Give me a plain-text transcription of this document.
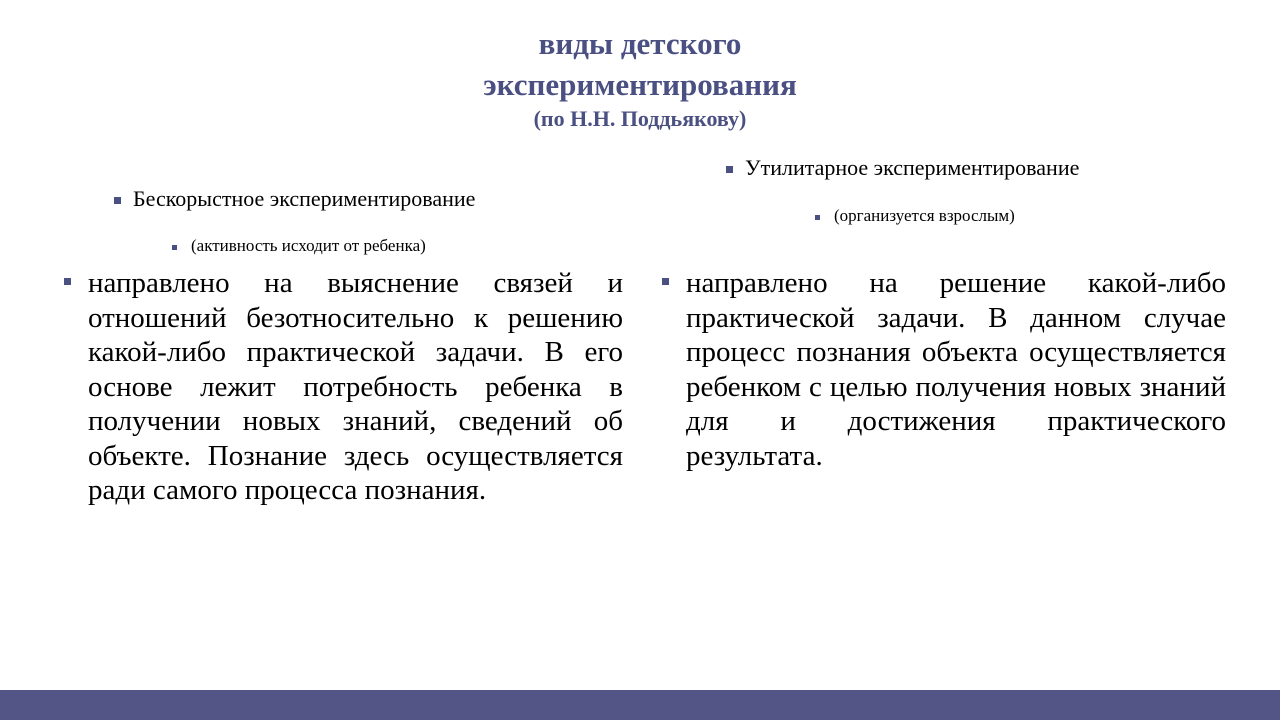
виды детского
экспериментирования
(по Н.Н. Поддьякову)
Бескорыстное экспериментирование
(активность исходит от ребенка)
направлено на выяснение связей и отношений безотносительно к решению какой-либо практической задачи. В его основе лежит потребность ребенка в получении новых знаний, сведений об объекте. Познание здесь осуществляется ради самого процесса познания.
Утилитарное экспериментирование
(организуется взрослым)
направлено на решение какой-либо практической задачи. В данном случае процесс познания объекта осуществляется ребенком с целью получения новых знаний для и достижения практического результата.
